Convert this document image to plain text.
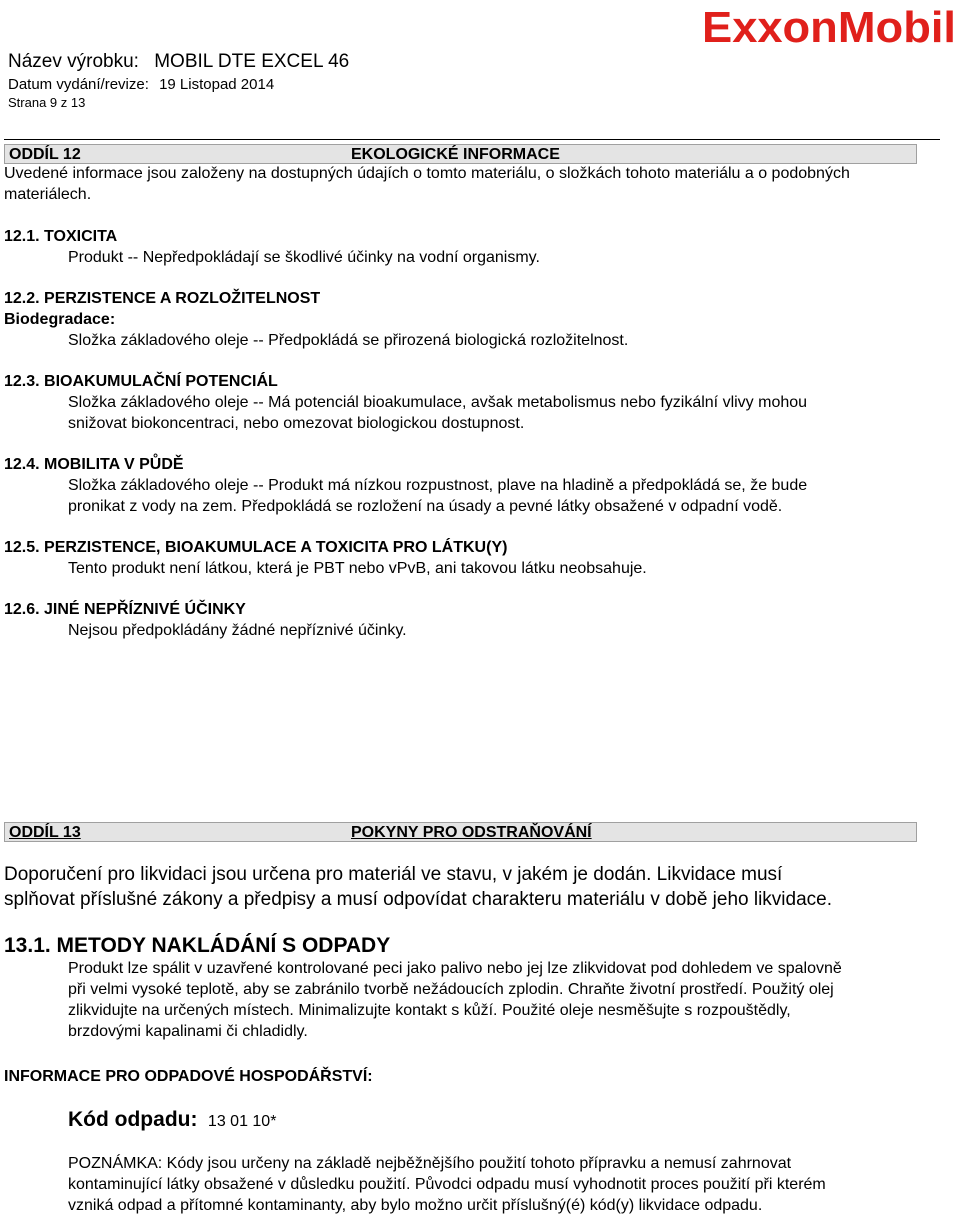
Název výrobku: MOBIL DTE EXCEL 46
Datum vydání/revize: 19 Listopad 2014
Strana 9 z 13
ExxonMobil
ODDÍL 12	EKOLOGICKÉ INFORMACE
Uvedené informace jsou založeny na dostupných údajích o tomto materiálu, o složkách tohoto materiálu a o podobných
materiálech.
12.1. TOXICITA
Produkt -- Nepředpokládají se škodlivé účinky na vodní organismy.
12.2. PERZISTENCE A ROZLOŽITELNOST
Biodegradace:
Složka základového oleje -- Předpokládá se přirozená biologická rozložitelnost.
12.3. BIOAKUMULAČNÍ POTENCIÁL
Složka základového oleje -- Má potenciál bioakumulace, avšak metabolismus nebo fyzikální vlivy mohou
snižovat biokoncentraci, nebo omezovat biologickou dostupnost.
12.4. MOBILITA V PŮDĚ
Složka základového oleje -- Produkt má nízkou rozpustnost, plave na hladině a předpokládá se, že bude
pronikat z vody na zem. Předpokládá se rozložení na úsady a pevné látky obsažené v odpadní vodě.
12.5. PERZISTENCE, BIOAKUMULACE A TOXICITA PRO LÁTKU(Y)
Tento produkt není látkou, která je PBT nebo vPvB, ani takovou látku neobsahuje.
12.6. JINÉ NEPŘÍZNIVÉ ÚČINKY
Nejsou předpokládány žádné nepříznivé účinky.
ODDÍL 13	POKYNY PRO ODSTRAŇOVÁNÍ
Doporučení pro likvidaci jsou určena pro materiál ve stavu, v jakém je dodán. Likvidace musí
splňovat příslušné zákony a předpisy a musí odpovídat charakteru materiálu v době jeho likvidace.
13.1. METODY NAKLÁDÁNÍ S ODPADY
Produkt lze spálit v uzavřené kontrolované peci jako palivo nebo jej lze zlikvidovat pod dohledem ve spalovně
při velmi vysoké teplotě, aby se zabránilo tvorbě nežádoucích zplodin. Chraňte životní prostředí. Použitý olej
zlikvidujte na určených místech. Minimalizujte kontakt s kůží. Použité oleje nesměšujte s rozpouštědly,
brzdovými kapalinami či chladidly.
INFORMACE PRO ODPADOVÉ HOSPODÁŘSTVÍ:
Kód odpadu: 13 01 10*
POZNÁMKA: Kódy jsou určeny na základě nejběžnějšího použití tohoto přípravku a nemusí zahrnovat
kontaminující látky obsažené v důsledku použití. Původci odpadu musí vyhodnotit proces použití při kterém
vzniká odpad a přítomné kontaminanty, aby bylo možno určit příslušný(é) kód(y) likvidace odpadu.
